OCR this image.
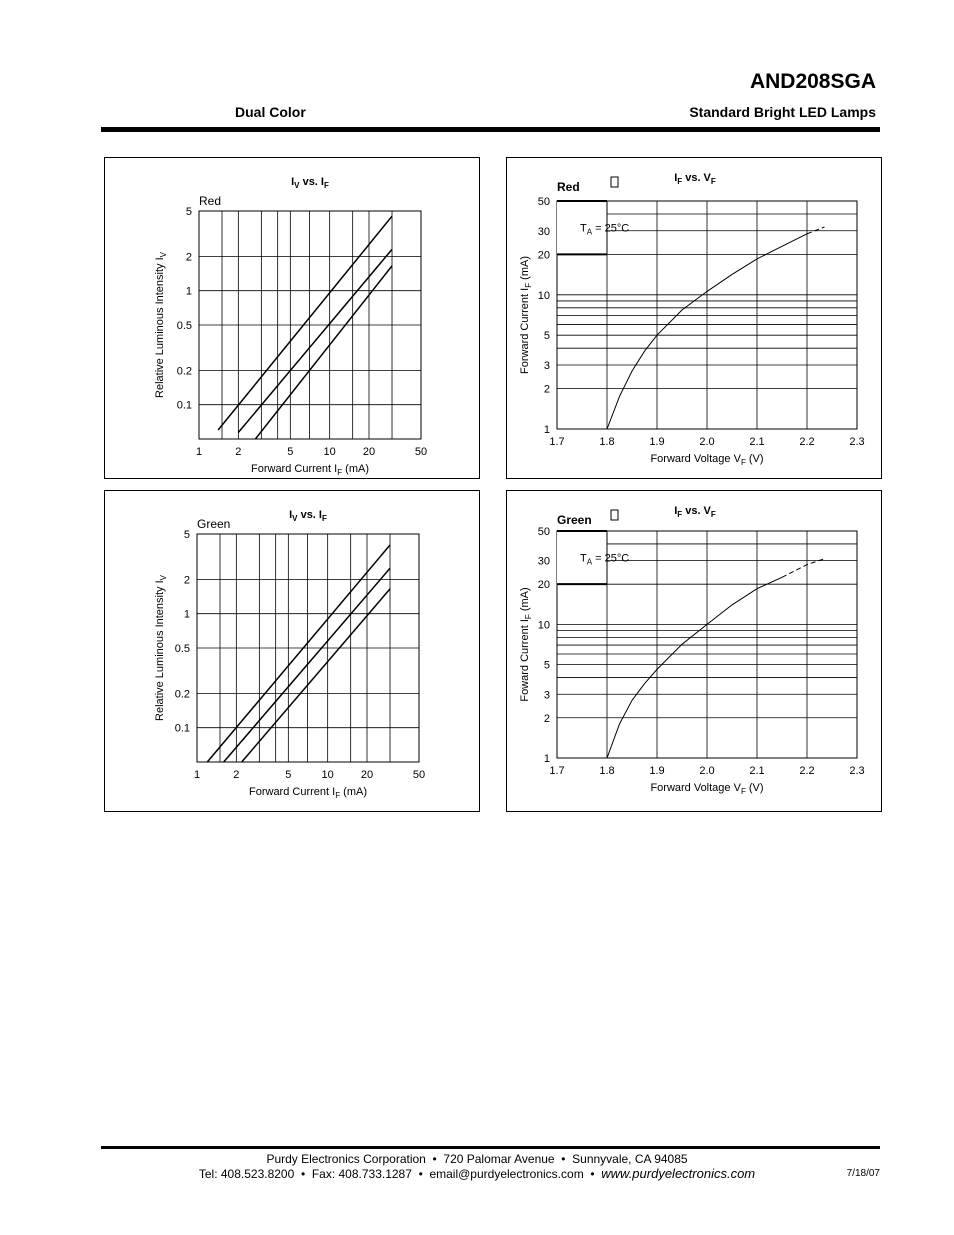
AND208SGA
Dual Color	Standard Bright LED Lamps
1	2	5	10 20	50
0.1
0.2
0.5
1
2
5
$I_V$ vs. $I_F$
Red
Forward Current $I_F$ (mA)
Relative Luminous Intensity $I_V$
$T_A = 25^\circ C$
1.7	1.8	1.9	2.0	2.1	2.2	2.3
1
2
3
5
10
20
30
50
$I_F$ vs. $V_F$
Red
Forward Voltage $V_F$ (V)
Forward Current $I_F$ (mA)
1	2	5	10 20	50
0.1
0.2
0.5
1
2
5
$I_V$ vs. $I_F$
Green
Forward Current $I_F$ (mA)
Relative Luminous Intensity $I_V$
$T_A = 25^\circ C$
1.7	1.8	1.9	2.0	2.1	2.2	2.3
1
2
3
5
10
20
30
50
$I_F$ vs. $V_F$
Green
Forward Voltage $V_F$ (V)
Foward Current $I_F$ (mA)
Purdy Electronics Corporation • 720 Palomar Avenue • Sunnyvale, CA 94085
Tel: 408.523.8200 • Fax: 408.733.1287 • email@purdyelectronics.com • www.purdyelectronics.com	7/18/07
